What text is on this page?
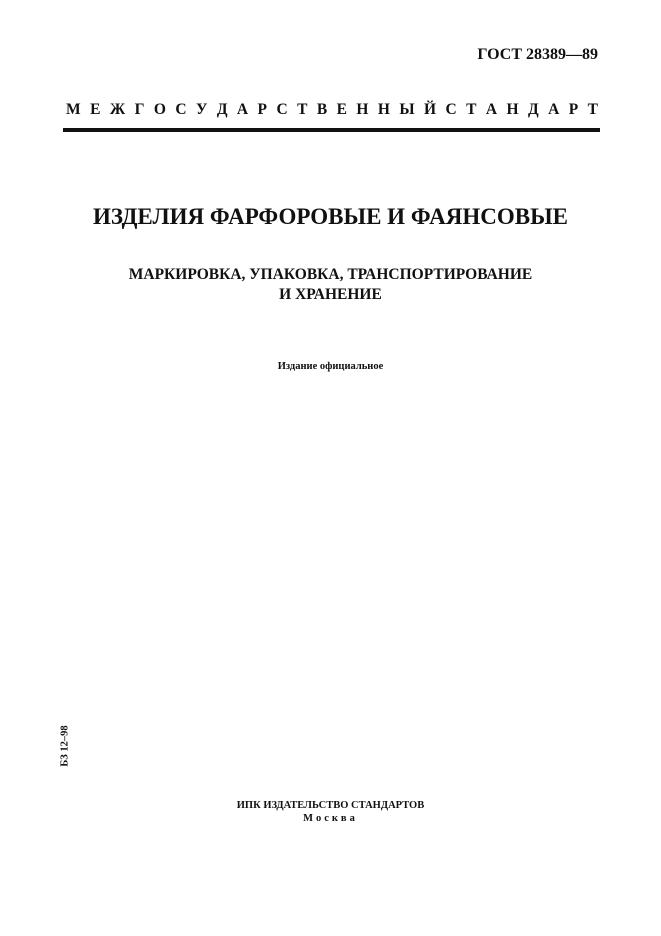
ГОСТ 28389—89
М Е Ж Г О С У Д А Р С Т В Е Н Н Ы Й С Т А Н Д А Р Т
ИЗДЕЛИЯ ФАРФОРОВЫЕ И ФАЯНСОВЫЕ
МАРКИРОВКА, УПАКОВКА, ТРАНСПОРТИРОВАНИЕ
И ХРАНЕНИЕ
Издание официальное
БЗ 12–98
ИПК ИЗДАТЕЛЬСТВО СТАНДАРТОВ
Москва
